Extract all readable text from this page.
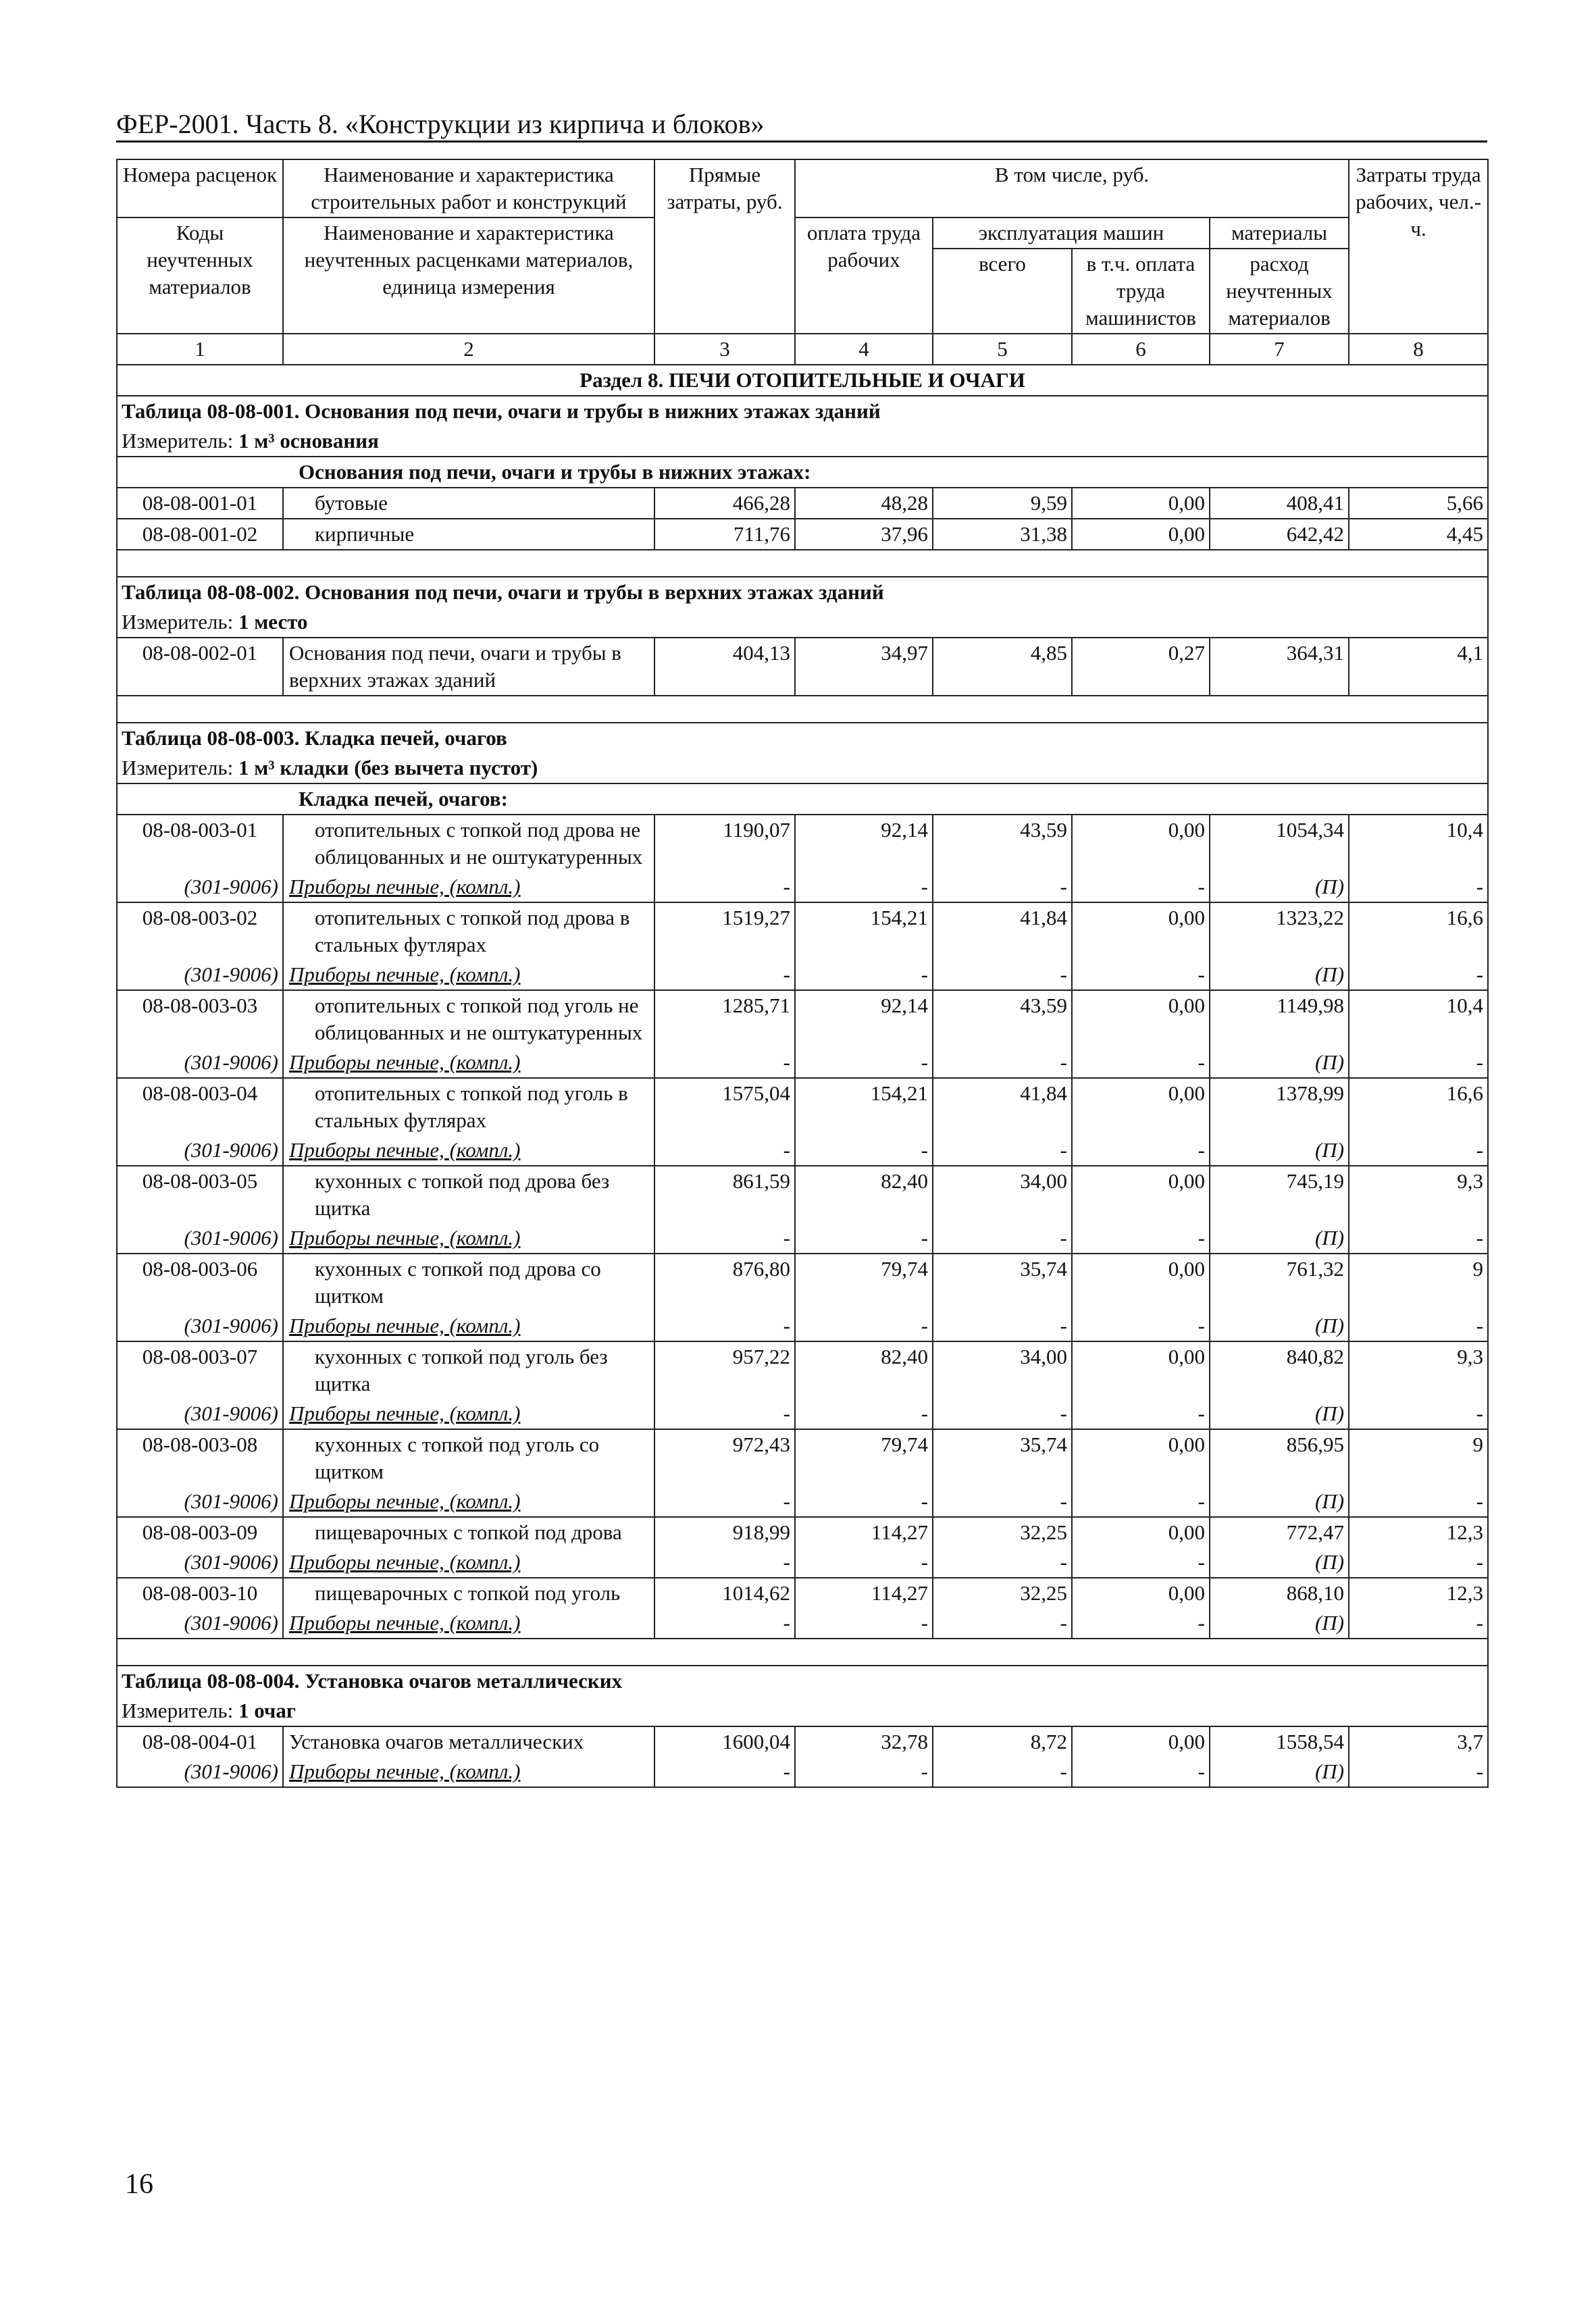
ФЕР-2001. Часть 8. «Конструкции из кирпича и блоков»
Номера расценок	Наименование и характеристика строительных работ и конструкций	Прямые затраты, руб.	В том числе, руб.				Затраты труда рабочих, чел.-ч.
Коды неучтенных материалов	Наименование и характеристика неучтенных расценками материалов, единица измерения		оплата труда рабочих	эксплуатация машин		материалы	
				всего	в т.ч. оплата труда машинистов	расход неучтенных материалов	
1	2	3	4	5	6	7	8
Раздел 8. ПЕЧИ ОТОПИТЕЛЬНЫЕ И ОЧАГИ							
Таблица 08-08-001. Основания под печи, очаги и трубы в нижних этажах зданий							
Измеритель: 1 м³ основания							
Основания под печи, очаги и трубы в нижних этажах:							
08-08-001-01	бутовые	466,28	48,28	9,59	0,00	408,41	5,66
08-08-001-02	кирпичные	711,76	37,96	31,38	0,00	642,42	4,45

Таблица 08-08-002. Основания под печи, очаги и трубы в верхних этажах зданий							
Измеритель: 1 место							
08-08-002-01	Основания под печи, очаги и трубы в верхних этажах зданий	404,13	34,97	4,85	0,27	364,31	4,1

Таблица 08-08-003. Кладка печей, очагов							
Измеритель: 1 м³ кладки (без вычета пустот)							
Кладка печей, очагов:							
08-08-003-01	отопительных с топкой под дрова не облицованных и не оштукатуренных	1190,07	92,14	43,59	0,00	1054,34	10,4
(301-9006)	Приборы печные, (компл.)	-	-	-	-	(П)	-
08-08-003-02	отопительных с топкой под дрова в стальных футлярах	1519,27	154,21	41,84	0,00	1323,22	16,6
(301-9006)	Приборы печные, (компл.)	-	-	-	-	(П)	-
08-08-003-03	отопительных с топкой под уголь не облицованных и не оштукатуренных	1285,71	92,14	43,59	0,00	1149,98	10,4
(301-9006)	Приборы печные, (компл.)	-	-	-	-	(П)	-
08-08-003-04	отопительных с топкой под уголь в стальных футлярах	1575,04	154,21	41,84	0,00	1378,99	16,6
(301-9006)	Приборы печные, (компл.)	-	-	-	-	(П)	-
08-08-003-05	кухонных с топкой под дрова без щитка	861,59	82,40	34,00	0,00	745,19	9,3
(301-9006)	Приборы печные, (компл.)	-	-	-	-	(П)	-
08-08-003-06	кухонных с топкой под дрова со щитком	876,80	79,74	35,74	0,00	761,32	9
(301-9006)	Приборы печные, (компл.)	-	-	-	-	(П)	-
08-08-003-07	кухонных с топкой под уголь без щитка	957,22	82,40	34,00	0,00	840,82	9,3
(301-9006)	Приборы печные, (компл.)	-	-	-	-	(П)	-
08-08-003-08	кухонных с топкой под уголь со щитком	972,43	79,74	35,74	0,00	856,95	9
(301-9006)	Приборы печные, (компл.)	-	-	-	-	(П)	-
08-08-003-09	пищеварочных с топкой под дрова	918,99	114,27	32,25	0,00	772,47	12,3
(301-9006)	Приборы печные, (компл.)	-	-	-	-	(П)	-
08-08-003-10	пищеварочных с топкой под уголь	1014,62	114,27	32,25	0,00	868,10	12,3
(301-9006)	Приборы печные, (компл.)	-	-	-	-	(П)	-

Таблица 08-08-004. Установка очагов металлических							
Измеритель: 1 очаг							
08-08-004-01	Установка очагов металлических	1600,04	32,78	8,72	0,00	1558,54	3,7
(301-9006)	Приборы печные, (компл.)	-	-	-	-	(П)	-
16
